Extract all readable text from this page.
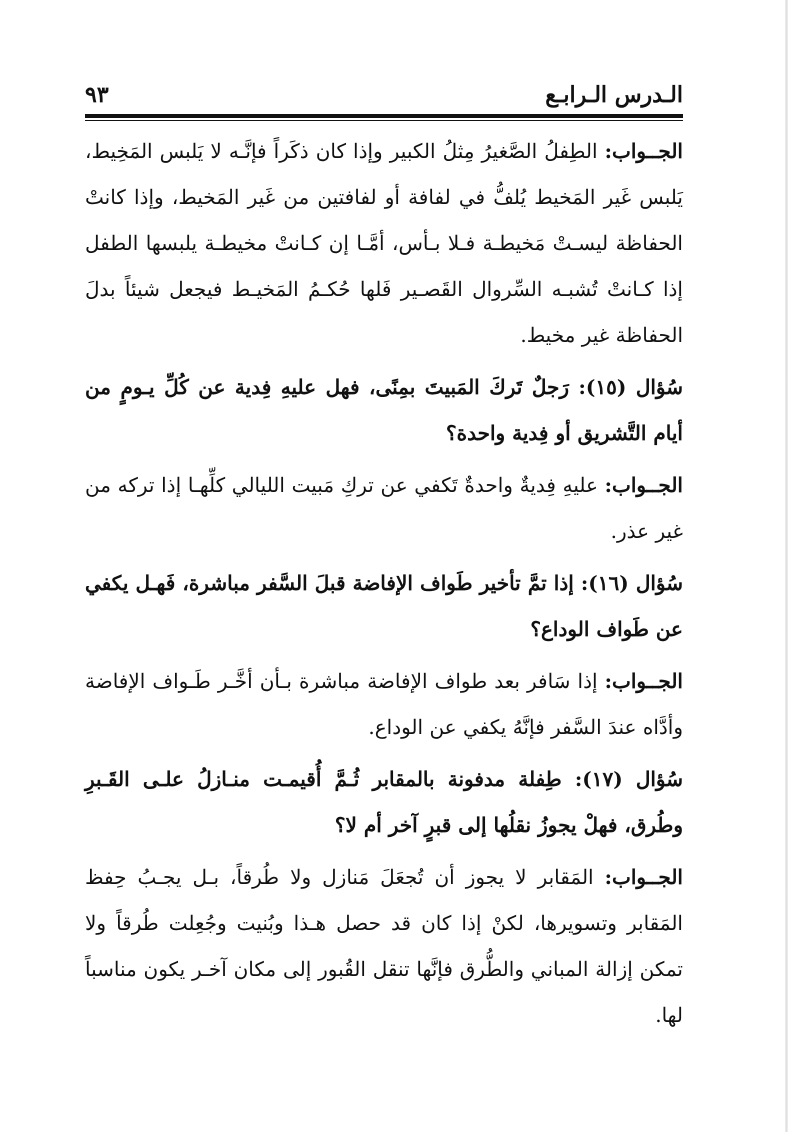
الـدرس الـرابـع
٩٣

الجــواب: الطِفلُ الصَّغيرُ مِثلُ الكبير وإذا كان ذكَراً فإنَّـه لا يَلبس المَخِيط، يَلبس غَير المَخيط يُلفُّ في لفافة أو لفافتين من غَير المَخيط، وإذا كانتْ الحفاظة ليسـتْ مَخيطـة فـلا بـأس، أمَّـا إن كـانتْ مخيطـة يلبسها الطفل إذا كـانتْ تُشبـه السِّروال القَصـير فَلها حُكـمُ المَخيـط فيجعل شيئاً بدلَ الحفاظة غير مخيط.

سُؤال (١٥): رَجلٌ تَركَ المَبيتَ بمِنًى، فهل عليهِ فِدية عن كُلِّ يـومٍ من أيام التَّشريق أو فِدية واحدة؟

الجــواب: عليهِ فِديةٌ واحدةٌ تَكفي عن تركِ مَبيت الليالي كلِّهـا إذا تركه من غير عذر.

سُؤال (١٦): إذا تمَّ تأخير طَواف الإفاضة قبلَ السَّفر مباشرة، فَهـل يكفي عن طَواف الوداع؟

الجــواب: إذا سَافر بعد طواف الإفاضة مباشرة بـأن أخَّـر طَـواف الإفاضة وأدَّاه عندَ السَّفر فإنَّهُ يكفي عن الوداع.

سُؤال (١٧): طِفلة مدفونة بالمقابر ثُـمَّ أُقيمـت منـازلُ علـى القَـبرِ وطُرق، فهلْ يجوزُ نقلُها إلى قبرٍ آخر أم لا؟

الجــواب: المَقابر لا يجوز أن تُجعَلَ مَنازل ولا طُرقاً، بـل يجـبُ حِفظ المَقابر وتسويرها، لكنْ إذا كان قد حصل هـذا وبُنيت وجُعِلت طُرقاً ولا تمكن إزالة المباني والطُّرق فإنَّها تنقل القُبور إلى مكان آخـر يكون مناسباً لها.
